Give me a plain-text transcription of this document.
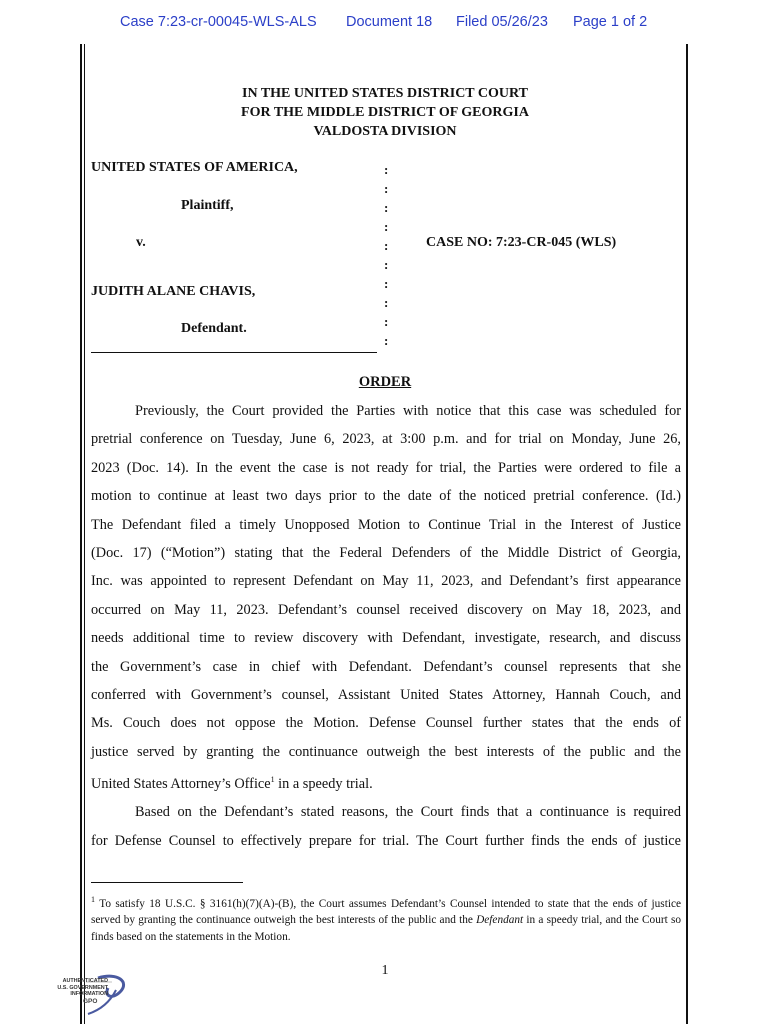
Case 7:23-cr-00045-WLS-ALS Document 18 Filed 05/26/23 Page 1 of 2
IN THE UNITED STATES DISTRICT COURT
FOR THE MIDDLE DISTRICT OF GEORGIA
VALDOSTA DIVISION
UNITED STATES OF AMERICA,
Plaintiff,
v.
JUDITH ALANE CHAVIS,
Defendant.
CASE NO: 7:23-CR-045 (WLS)
:
:
:
:
:
:
:
:
:
:
ORDER
Previously, the Court provided the Parties with notice that this case was scheduled for
pretrial conference on Tuesday, June 6, 2023, at 3:00 p.m. and for trial on Monday, June 26,
2023 (Doc. 14). In the event the case is not ready for trial, the Parties were ordered to file a
motion to continue at least two days prior to the date of the noticed pretrial conference. (Id.)
The Defendant filed a timely Unopposed Motion to Continue Trial in the Interest of Justice
(Doc. 17) (“Motion”) stating that the Federal Defenders of the Middle District of Georgia,
Inc. was appointed to represent Defendant on May 11, 2023, and Defendant’s first appearance
occurred on May 11, 2023. Defendant’s counsel received discovery on May 18, 2023, and
needs additional time to review discovery with Defendant, investigate, research, and discuss
the Government’s case in chief with Defendant. Defendant’s counsel represents that she
conferred with Government’s counsel, Assistant United States Attorney, Hannah Couch, and
Ms. Couch does not oppose the Motion. Defense Counsel further states that the ends of
justice served by granting the continuance outweigh the best interests of the public and the
United States Attorney’s Office$^1$ in a speedy trial.
Based on the Defendant’s stated reasons, the Court finds that a continuance is required
for Defense Counsel to effectively prepare for trial. The Court further finds the ends of justice
$^1$ To satisfy 18 U.S.C. § 3161(h)(7)(A)-(B), the Court assumes Defendant’s Counsel intended to state that the ends of justice served by granting the continuance outweigh the best interests of the public and the Defendant in a speedy trial, and the Court so finds based on the statements in the Motion.
1
AUTHENTICATED
U.S. GOVERNMENT
INFORMATION
GPO
